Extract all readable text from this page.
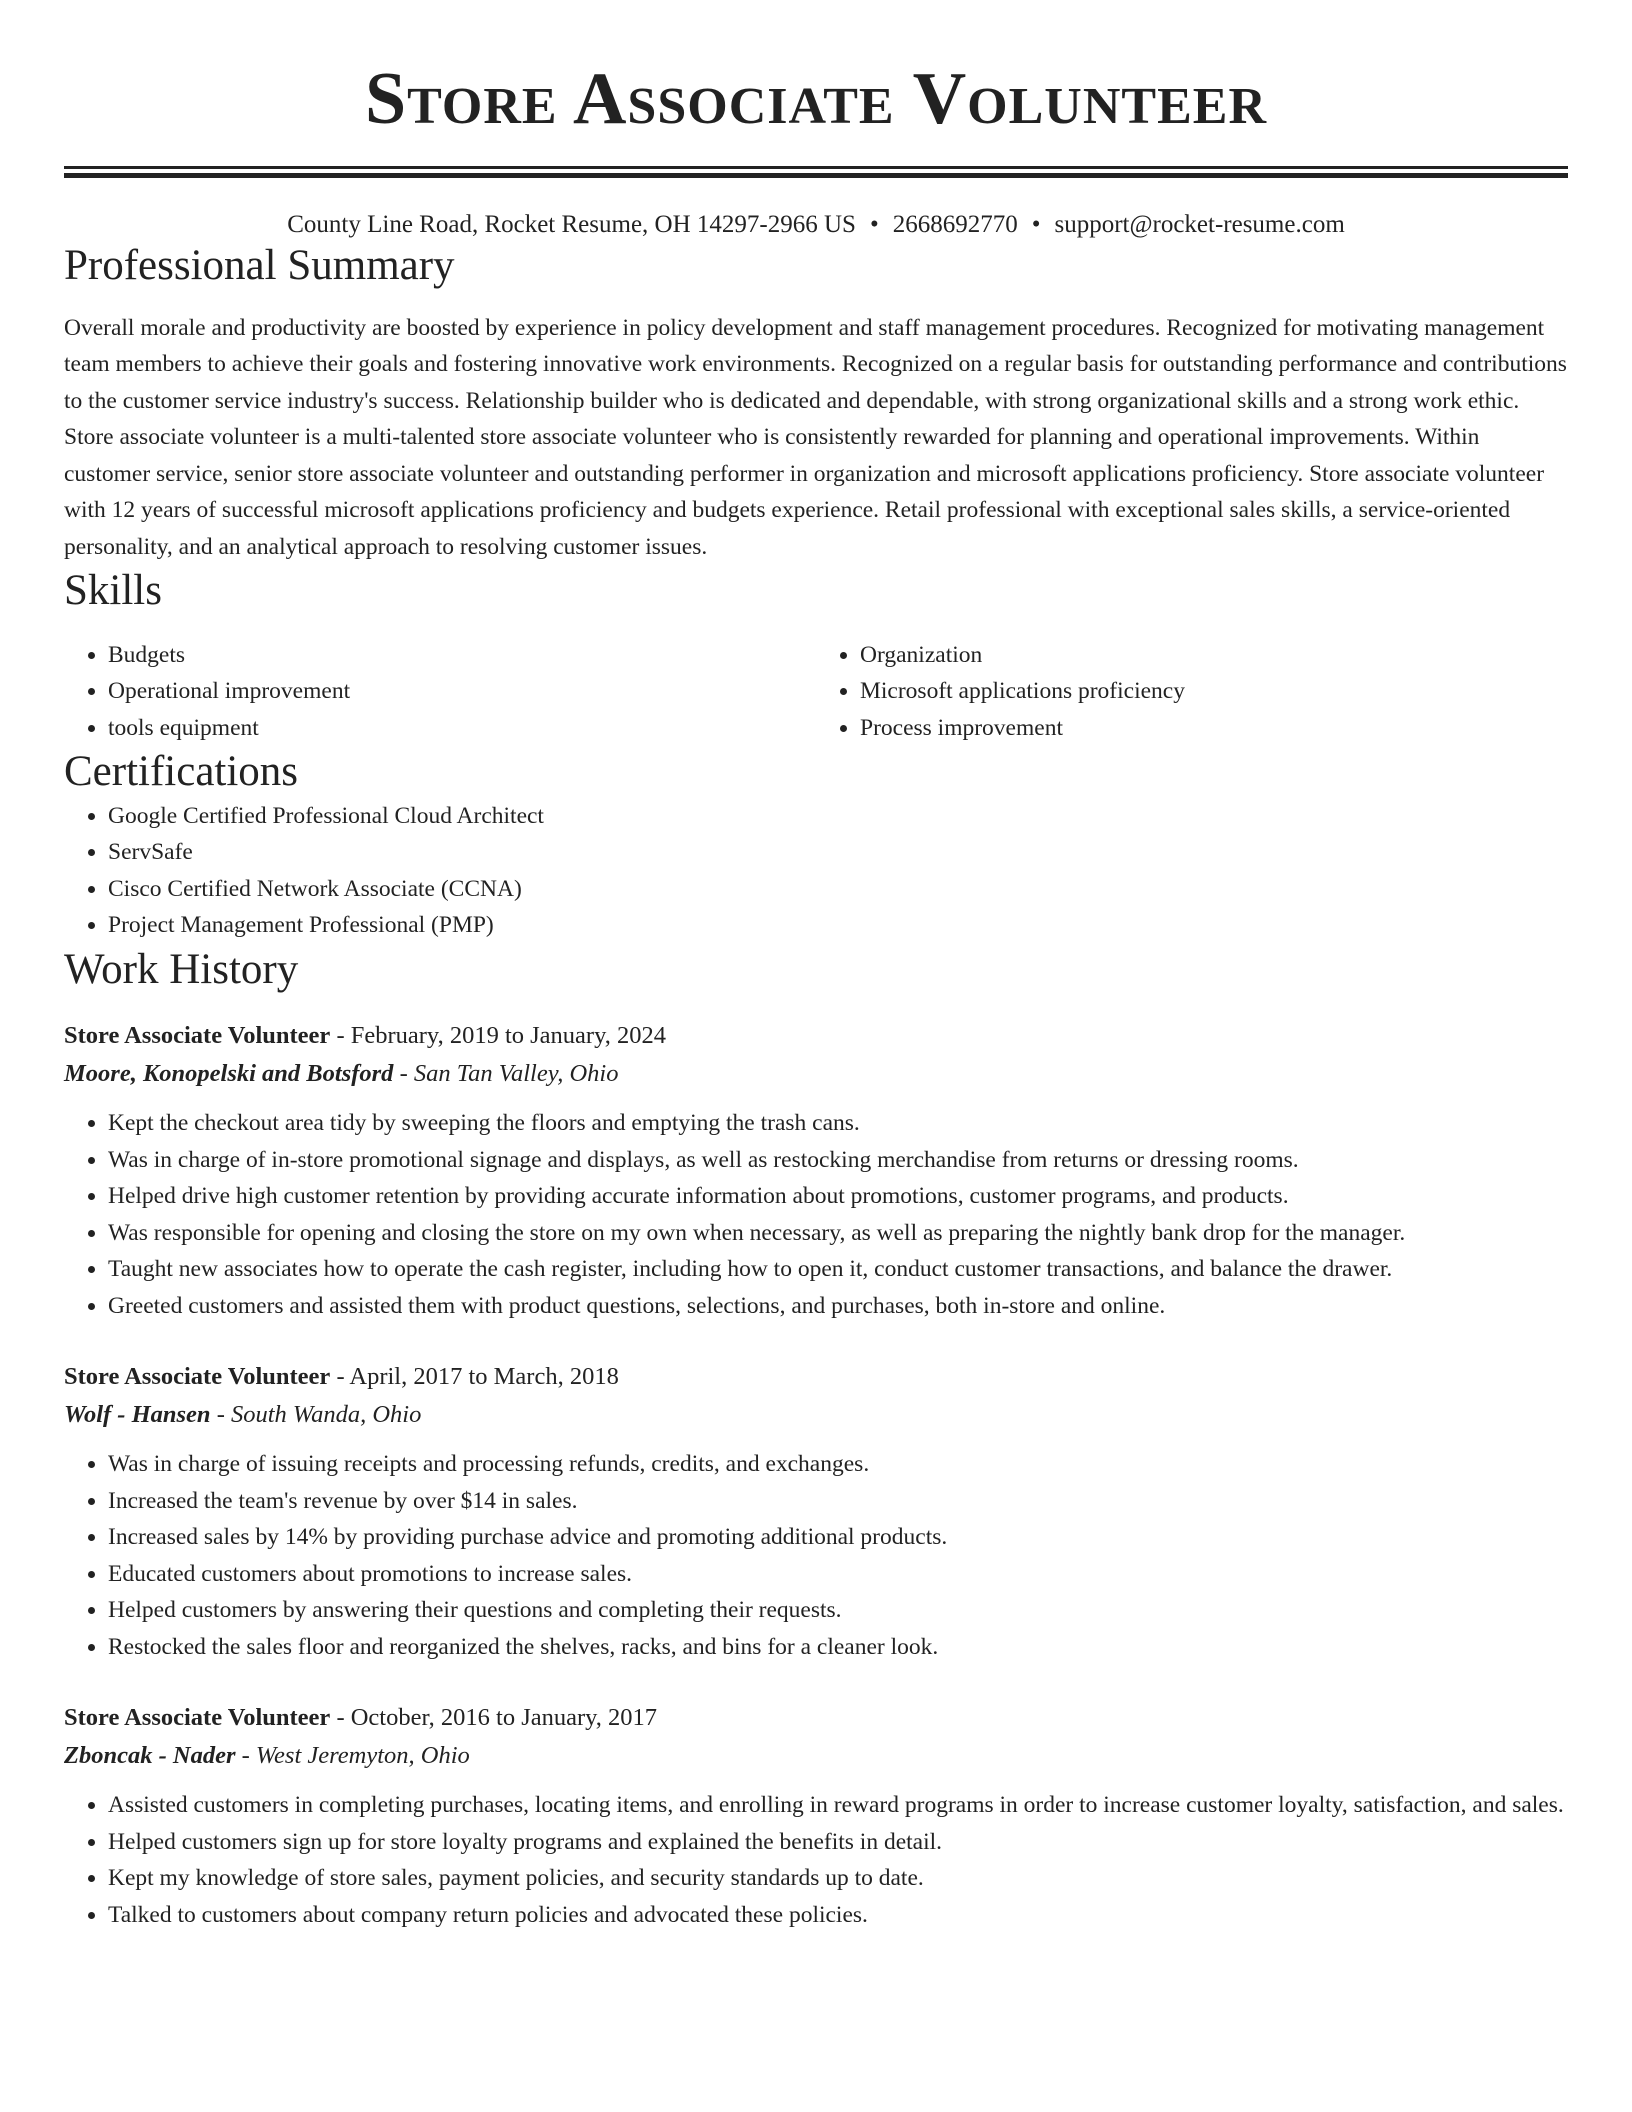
Store Associate Volunteer
County Line Road, Rocket Resume, OH 14297-2966 US • 2668692770 • support@rocket-resume.com
Professional Summary

Overall morale and productivity are boosted by experience in policy development and staff management procedures. Recognized for motivating management team members to achieve their goals and fostering innovative work environments. Recognized on a regular basis for outstanding performance and contributions to the customer service industry's success. Relationship builder who is dedicated and dependable, with strong organizational skills and a strong work ethic. Store associate volunteer is a multi-talented store associate volunteer who is consistently rewarded for planning and operational improvements. Within customer service, senior store associate volunteer and outstanding performer in organization and microsoft applications proficiency. Store associate volunteer with 12 years of successful microsoft applications proficiency and budgets experience. Retail professional with exceptional sales skills, a service-oriented personality, and an analytical approach to resolving customer issues.

Skills
• Budgets
• Operational improvement
• tools equipment
• Organization
• Microsoft applications proficiency
• Process improvement
Certifications
• Google Certified Professional Cloud Architect
• ServSafe
• Cisco Certified Network Associate (CCNA)
• Project Management Professional (PMP)
Work History
Store Associate Volunteer - February, 2019 to January, 2024
Moore, Konopelski and Botsford - San Tan Valley, Ohio
• Kept the checkout area tidy by sweeping the floors and emptying the trash cans.
• Was in charge of in-store promotional signage and displays, as well as restocking merchandise from returns or dressing rooms.
• Helped drive high customer retention by providing accurate information about promotions, customer programs, and products.
• Was responsible for opening and closing the store on my own when necessary, as well as preparing the nightly bank drop for the manager.
• Taught new associates how to operate the cash register, including how to open it, conduct customer transactions, and balance the drawer.
• Greeted customers and assisted them with product questions, selections, and purchases, both in-store and online.
Store Associate Volunteer - April, 2017 to March, 2018
Wolf - Hansen - South Wanda, Ohio
• Was in charge of issuing receipts and processing refunds, credits, and exchanges.
• Increased the team's revenue by over $14 in sales.
• Increased sales by 14% by providing purchase advice and promoting additional products.
• Educated customers about promotions to increase sales.
• Helped customers by answering their questions and completing their requests.
• Restocked the sales floor and reorganized the shelves, racks, and bins for a cleaner look.
Store Associate Volunteer - October, 2016 to January, 2017
Zboncak - Nader - West Jeremyton, Ohio
• Assisted customers in completing purchases, locating items, and enrolling in reward programs in order to increase customer loyalty, satisfaction, and sales.
• Helped customers sign up for store loyalty programs and explained the benefits in detail.
• Kept my knowledge of store sales, payment policies, and security standards up to date.
• Talked to customers about company return policies and advocated these policies.
